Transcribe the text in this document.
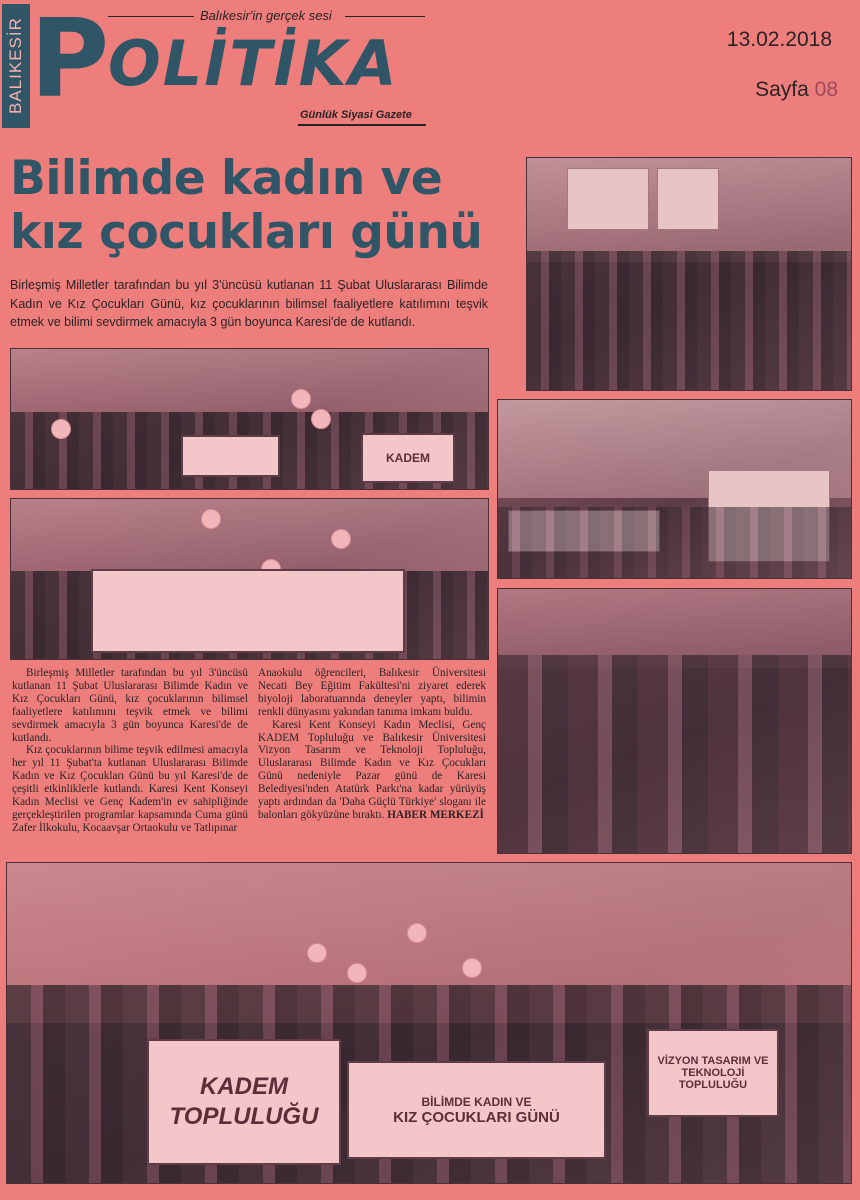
BALIKESİR P OLİTİKA
Balıkesir'in gerçek sesi
Günlük Siyasi Gazete
13.02.2018
Sayfa 08
Bilimde kadın ve
kız çocukları günü
Birleşmiş Milletler tarafından bu yıl 3'üncüsü kutlanan 11 Şubat Uluslararası Bilimde Kadın ve Kız Çocukları Günü, kız çocuklarının bilimsel faaliyetlere katılımını teşvik etmek ve bilimi sevdirmek amacıyla 3 gün boyunca Karesi'de de kutlandı.
KADEM

Birleşmiş Milletler tarafından bu yıl 3'üncüsü kutlanan 11 Şubat Uluslararası Bilimde Kadın ve Kız Çocukları Günü, kız çocuklarının bilimsel faaliyetlere katılımını teşvik etmek ve bilimi sevdirmek amacıyla 3 gün boyunca Karesi'de de kutlandı.

Kız çocuklarının bilime teşvik edilmesi amacıyla her yıl 11 Şubat'ta kutlanan Uluslararası Bilimde Kadın ve Kız Çocukları Günü bu yıl Karesi'de de çeşitli etkinliklerle kutlandı. Karesi Kent Konseyi Kadın Meclisi ve Genç Kadem'in ev sahipliğinde gerçekleştirilen programlar kapsamında Cuma günü Zafer İlkokulu, Kocaavşar Ortaokulu ve Tatlıpınar

Anaokulu öğrencileri, Balıkesir Üniversitesi Necati Bey Eğitim Fakültesi'ni ziyaret ederek biyoloji laboratuarında deneyler yaptı, bilimin renkli dünyasını yakından tanıma imkanı buldu.

Karesi Kent Konseyi Kadın Meclisi, Genç KADEM Topluluğu ve Balıkesir Üniversitesi Vizyon Tasarım ve Teknoloji Topluluğu, Uluslararası Bilimde Kadın ve Kız Çocukları Günü nedeniyle Pazar günü de Karesi Belediyesi'nden Atatürk Parkı'na kadar yürüyüş yaptı ardından da 'Daha Güçlü Türkiye' sloganı ile balonları gökyüzüne bıraktı. HABER MERKEZİ

KADEM
TOPLULUĞU
BİLİMDE KADIN VE
KIZ ÇOCUKLARI GÜNÜ
VİZYON TASARIM VE
TEKNOLOJİ TOPLULUĞU
